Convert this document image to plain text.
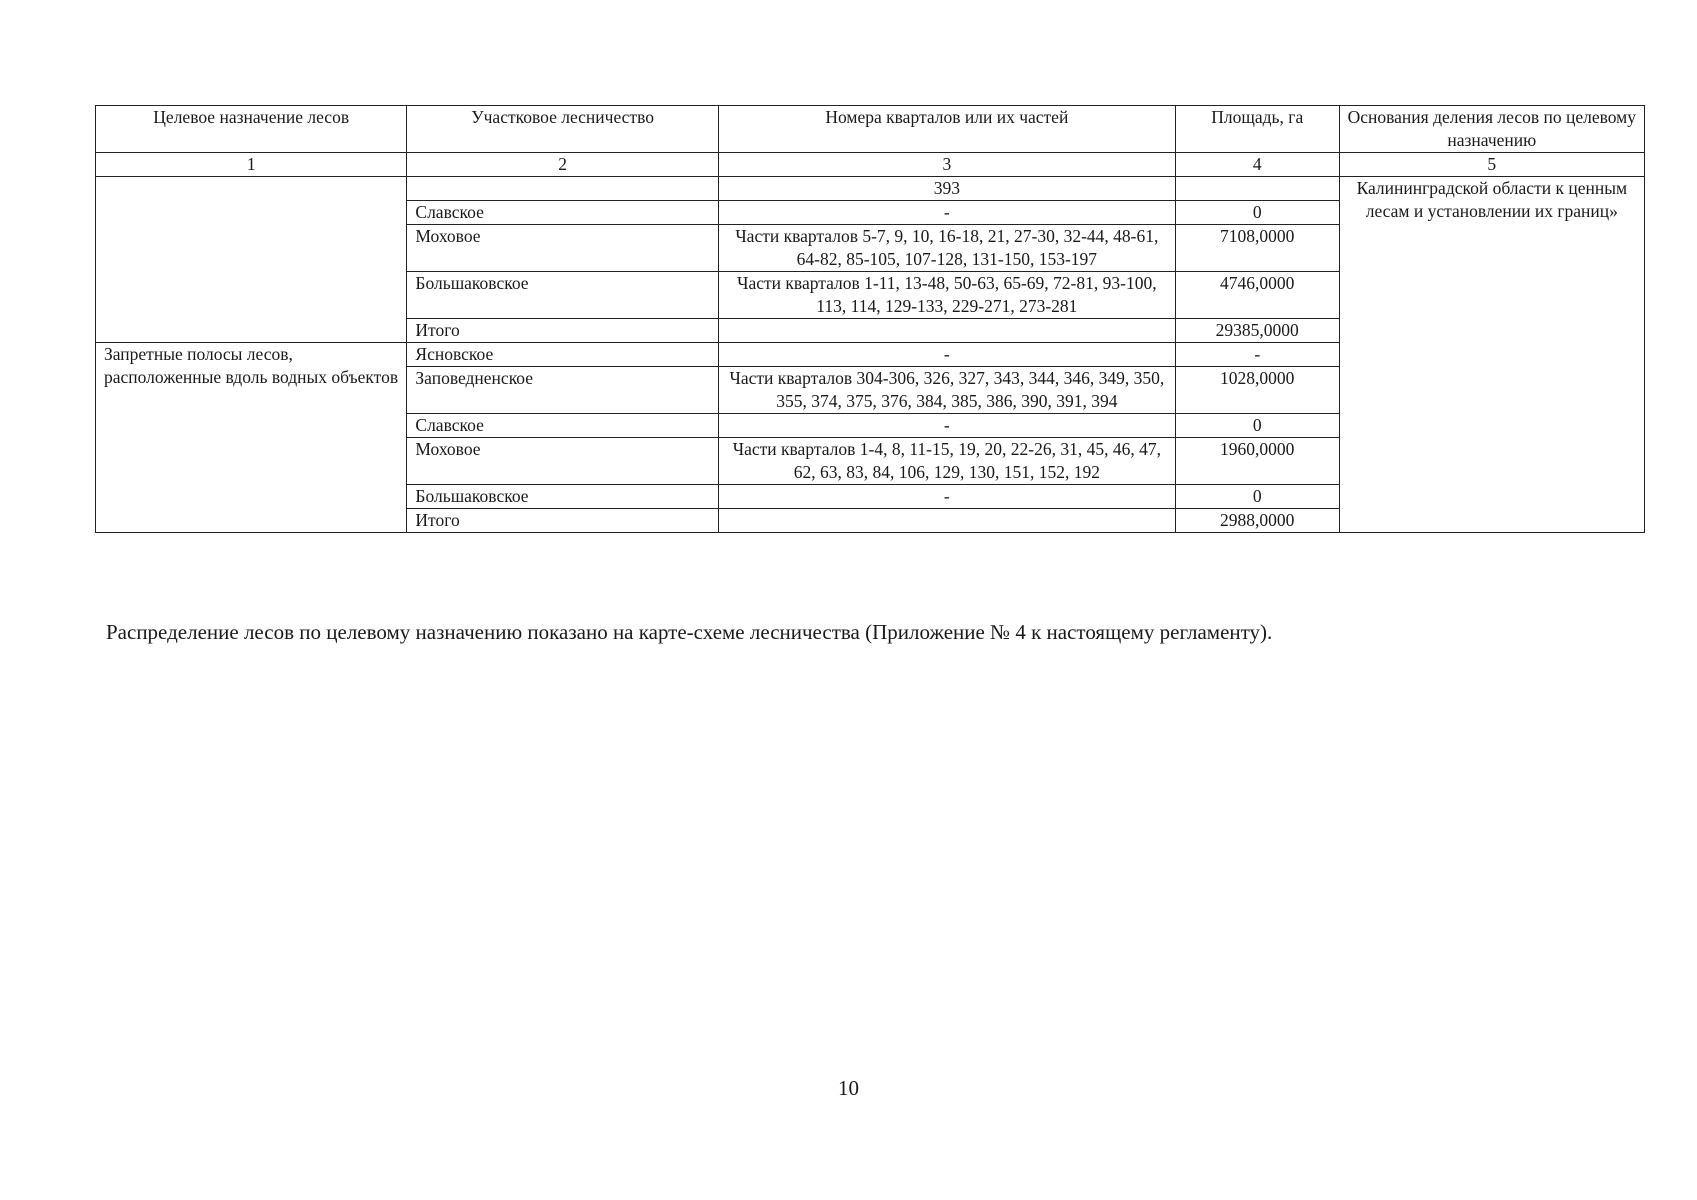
Целевое назначение лесов	Участковое лесничество	Номера кварталов или их частей	Площадь, га	Основания деления лесов по целевому назначению
1	2	3	4	5
		393		Калининградской области к ценным лесам и установлении их границ»
	Славское	-	0	
	Моховое	Части кварталов 5-7, 9, 10, 16-18, 21, 27-30, 32-44, 48-61, 64-82, 85-105, 107-128, 131-150, 153-197	7108,0000	
	Большаковское	Части кварталов 1-11, 13-48, 50-63, 65-69, 72-81, 93-100, 113, 114, 129-133, 229-271, 273-281	4746,0000	
	Итого		29385,0000	
Запретные полосы лесов, расположенные вдоль водных объектов	Ясновское	-	-	
	Заповедненское	Части кварталов 304-306, 326, 327, 343, 344, 346, 349, 350, 355, 374, 375, 376, 384, 385, 386, 390, 391, 394	1028,0000	
	Славское	-	0	
	Моховое	Части кварталов 1-4, 8, 11-15, 19, 20, 22-26, 31, 45, 46, 47, 62, 63, 83, 84, 106, 129, 130, 151, 152, 192	1960,0000	
	Большаковское	-	0	
	Итого		2988,0000	
Распределение лесов по целевому назначению показано на карте-схеме лесничества (Приложение № 4 к настоящему регламенту).
10
